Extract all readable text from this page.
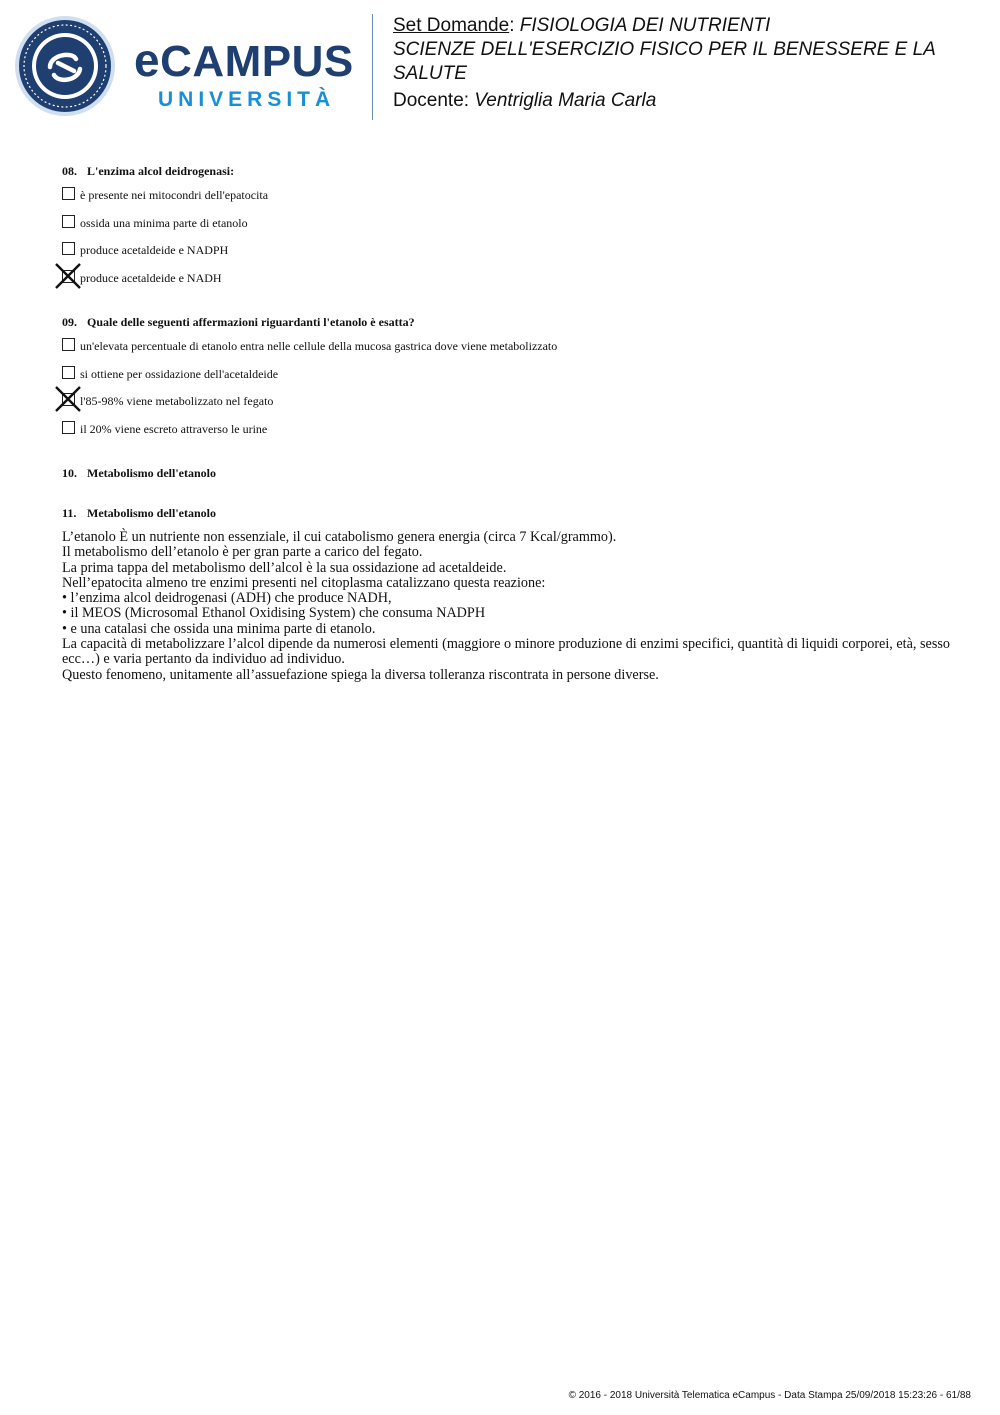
eCAMPUS
UNIVERSITÀ

Set Domande: FISIOLOGIA DEI NUTRIENTI

SCIENZE DELL'ESERCIZIO FISICO PER IL BENESSERE E LA SALUTE

Docente: Ventriglia Maria Carla

08. L'enzima alcol deidrogenasi:
è presente nei mitocondri dell'epatocita
ossida una minima parte di etanolo
produce acetaldeide e NADPH
produce acetaldeide e NADH
09. Quale delle seguenti affermazioni riguardanti l'etanolo è esatta?
un'elevata percentuale di etanolo entra nelle cellule della mucosa gastrica dove viene metabolizzato
si ottiene per ossidazione dell'acetaldeide
l'85-98% viene metabolizzato nel fegato
il 20% viene escreto attraverso le urine
10. Metabolismo dell'etanolo
11. Metabolismo dell'etanolo

L’etanolo È un nutriente non essenziale, il cui catabolismo genera energia (circa 7 Kcal/grammo).

Il metabolismo dell’etanolo è per gran parte a carico del fegato.

La prima tappa del metabolismo dell’alcol è la sua ossidazione ad acetaldeide.

Nell’epatocita almeno tre enzimi presenti nel citoplasma catalizzano questa reazione:

• l’enzima alcol deidrogenasi (ADH) che produce NADH,

• il MEOS (Microsomal Ethanol Oxidising System) che consuma NADPH

• e una catalasi che ossida una minima parte di etanolo.

La capacità di metabolizzare l’alcol dipende da numerosi elementi (maggiore o minore produzione di enzimi specifici, quantità di liquidi corporei, età, sesso ecc…) e varia pertanto da individuo ad individuo.

Questo fenomeno, unitamente all’assuefazione spiega la diversa tolleranza riscontrata in persone diverse.

© 2016 - 2018 Università Telematica eCampus - Data Stampa 25/09/2018 15:23:26 - 61/88
